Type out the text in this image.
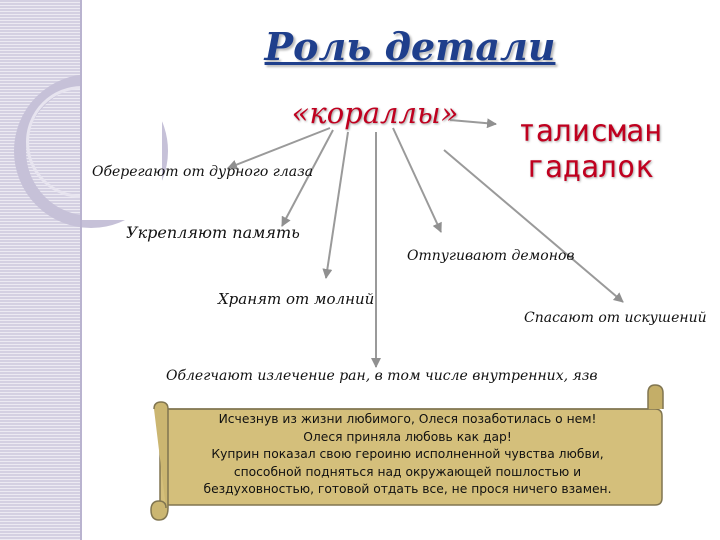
Роль детали
«кораллы»
талисман
гадалок
Оберегают от дурного глаза
Укрепляют память
Хранят от молний
Отпугивают демонов
Спасают от искушений
Облегчают излечение ран, в том числе внутренних, язв
Исчезнув из жизни любимого, Олеся позаботилась о нем!
Олеся приняла любовь как дар!
Куприн показал свою героиню исполненной чувства любви,
способной подняться над окружающей пошлостью и
бездуховностью, готовой отдать все, не прося ничего взамен.
